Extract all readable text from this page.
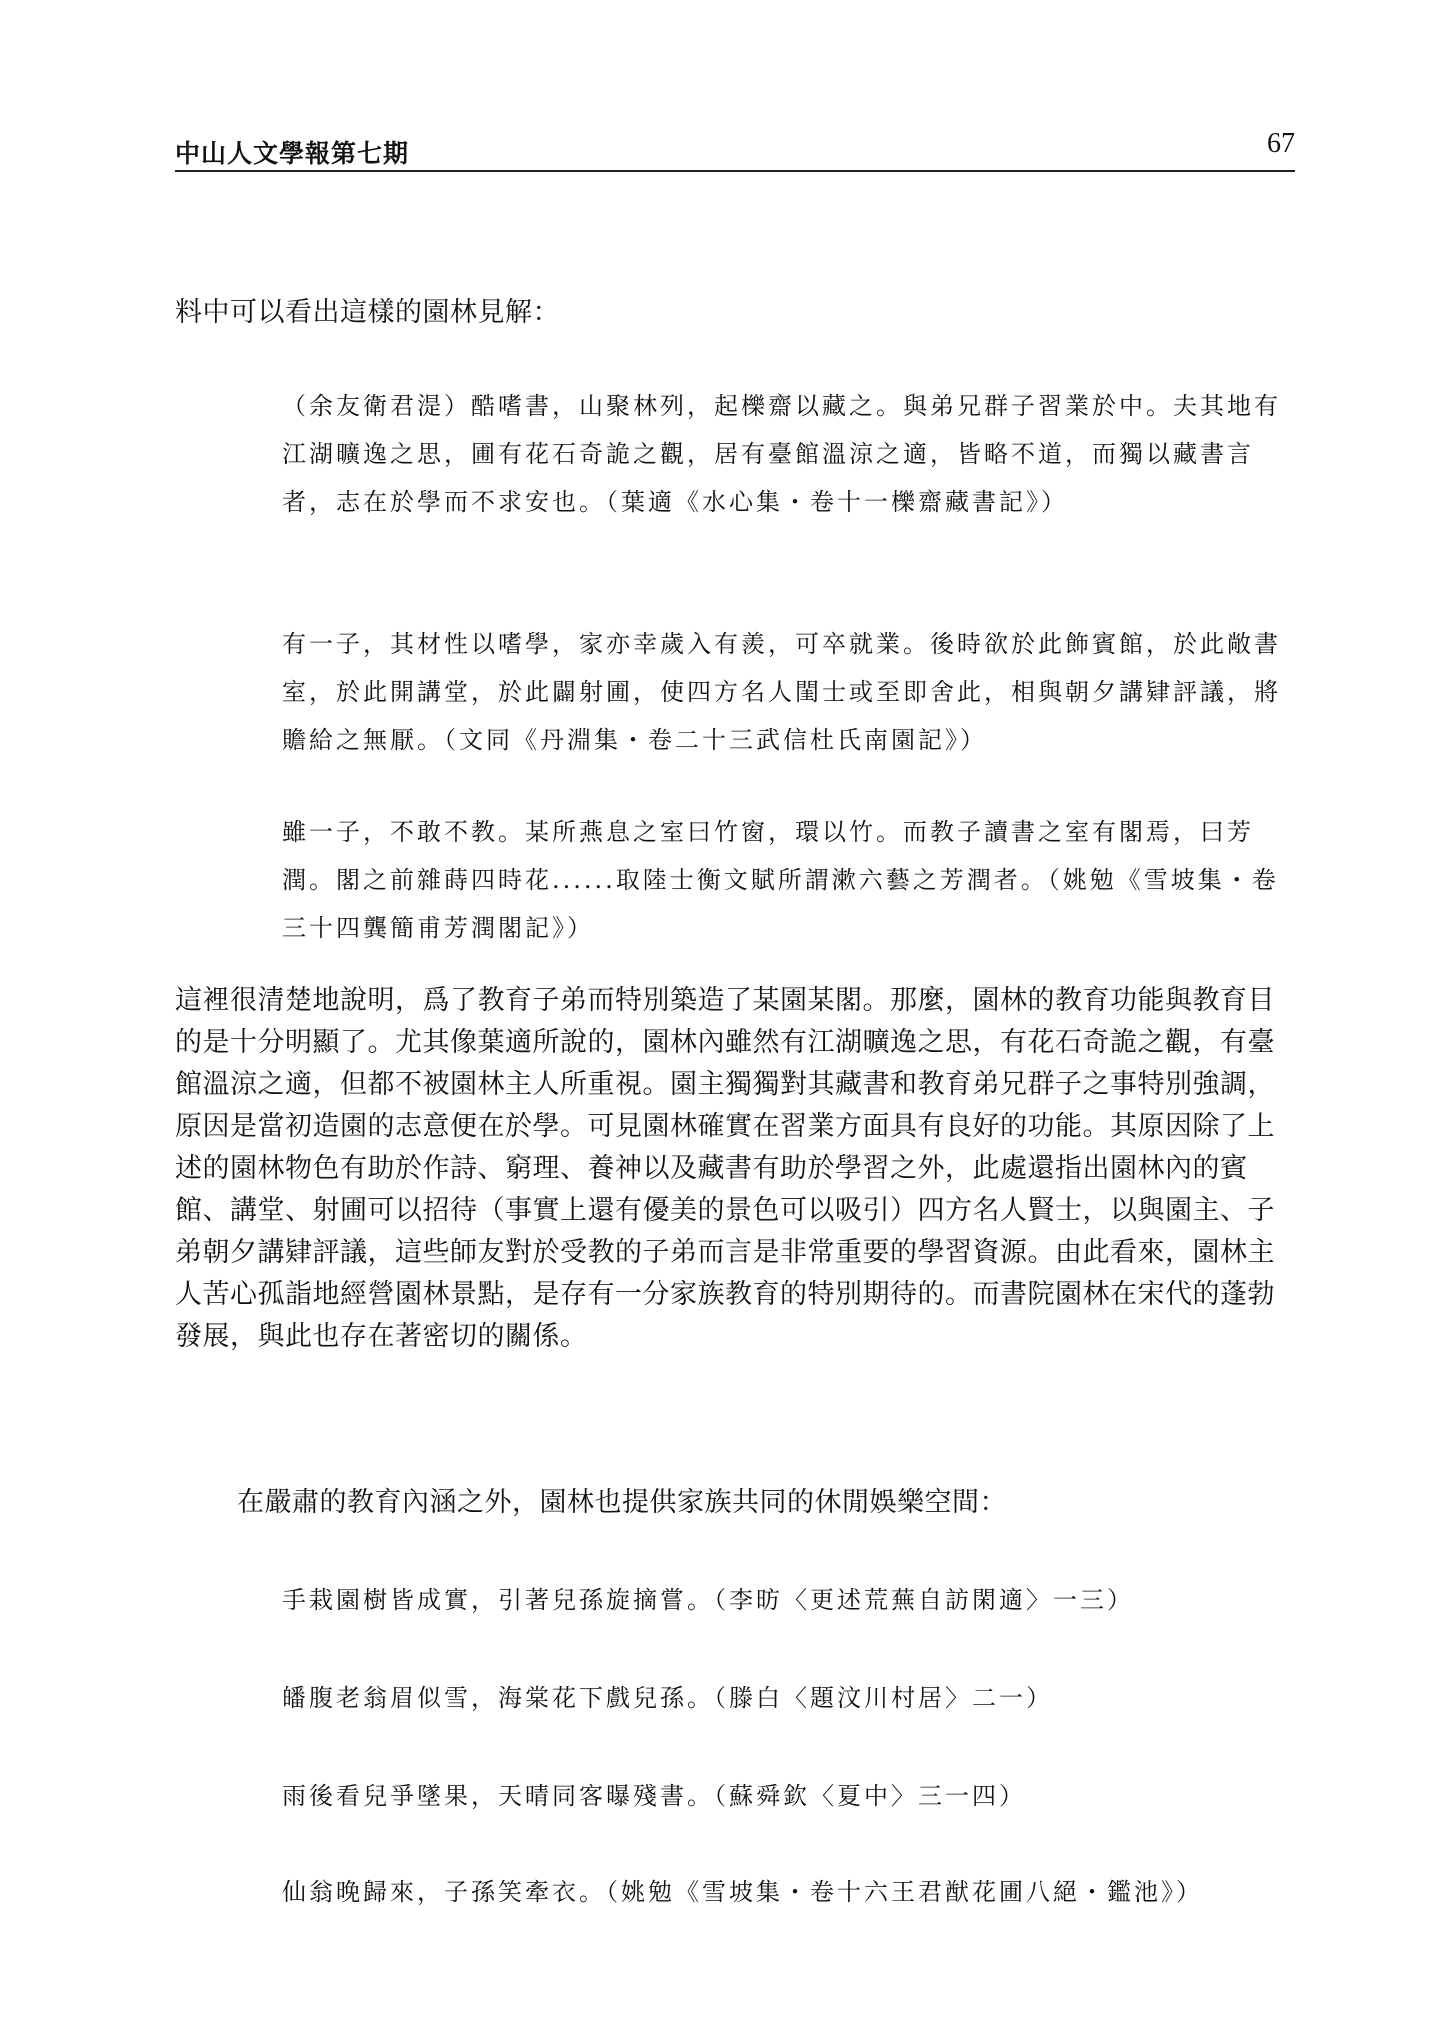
中山人文學報第七期	67

料中可以看出這樣的園林見解：

（余友衛君湜）酷嗜書，山聚林列，起櫟齋以藏之。與弟兄群子習業於中。夫其地有江湖曠逸之思，圃有花石奇詭之觀，居有臺館溫涼之適，皆略不道，而獨以藏書言者，志在於學而不求安也。（葉適《水心集・卷十一櫟齋藏書記》）

有一子，其材性以嗜學，家亦幸歲入有羨，可卒就業。後時欲於此飾賓館，於此敞書室，於此開講堂，於此闢射圃，使四方名人閨士或至即舍此，相與朝夕講肄評議，將贍給之無厭。（文同《丹淵集・卷二十三武信杜氏南園記》）

雖一子，不敢不教。某所燕息之室曰竹窗，環以竹。而教子讀書之室有閣焉，曰芳潤。閣之前雜蒔四時花......取陸士衡文賦所謂漱六藝之芳潤者。（姚勉《雪坡集・卷三十四龔簡甫芳潤閣記》）

這裡很清楚地說明，爲了教育子弟而特別築造了某園某閣。那麼，園林的教育功能與教育目的是十分明顯了。尤其像葉適所說的，園林內雖然有江湖曠逸之思，有花石奇詭之觀，有臺館溫涼之適，但都不被園林主人所重視。園主獨獨對其藏書和教育弟兄群子之事特別強調，原因是當初造園的志意便在於學。可見園林確實在習業方面具有良好的功能。其原因除了上述的園林物色有助於作詩、窮理、養神以及藏書有助於學習之外，此處還指出園林內的賓館、講堂、射圃可以招待（事實上還有優美的景色可以吸引）四方名人賢士，以與園主、子弟朝夕講肄評議，這些師友對於受教的子弟而言是非常重要的學習資源。由此看來，園林主人苦心孤詣地經營園林景點，是存有一分家族教育的特別期待的。而書院園林在宋代的蓬勃發展，與此也存在著密切的關係。

在嚴肅的教育內涵之外，園林也提供家族共同的休閒娛樂空間：

手栽園樹皆成實，引著兒孫旋摘嘗。（李昉〈更述荒蕪自訪閑適〉一三）

皤腹老翁眉似雪，海棠花下戲兒孫。（滕白〈題汶川村居〉二一）

雨後看兒爭墜果，天晴同客曝殘書。（蘇舜欽〈夏中〉三一四）

仙翁晚歸來，子孫笑牽衣。（姚勉《雪坡集・卷十六王君猷花圃八絕・鑑池》）
